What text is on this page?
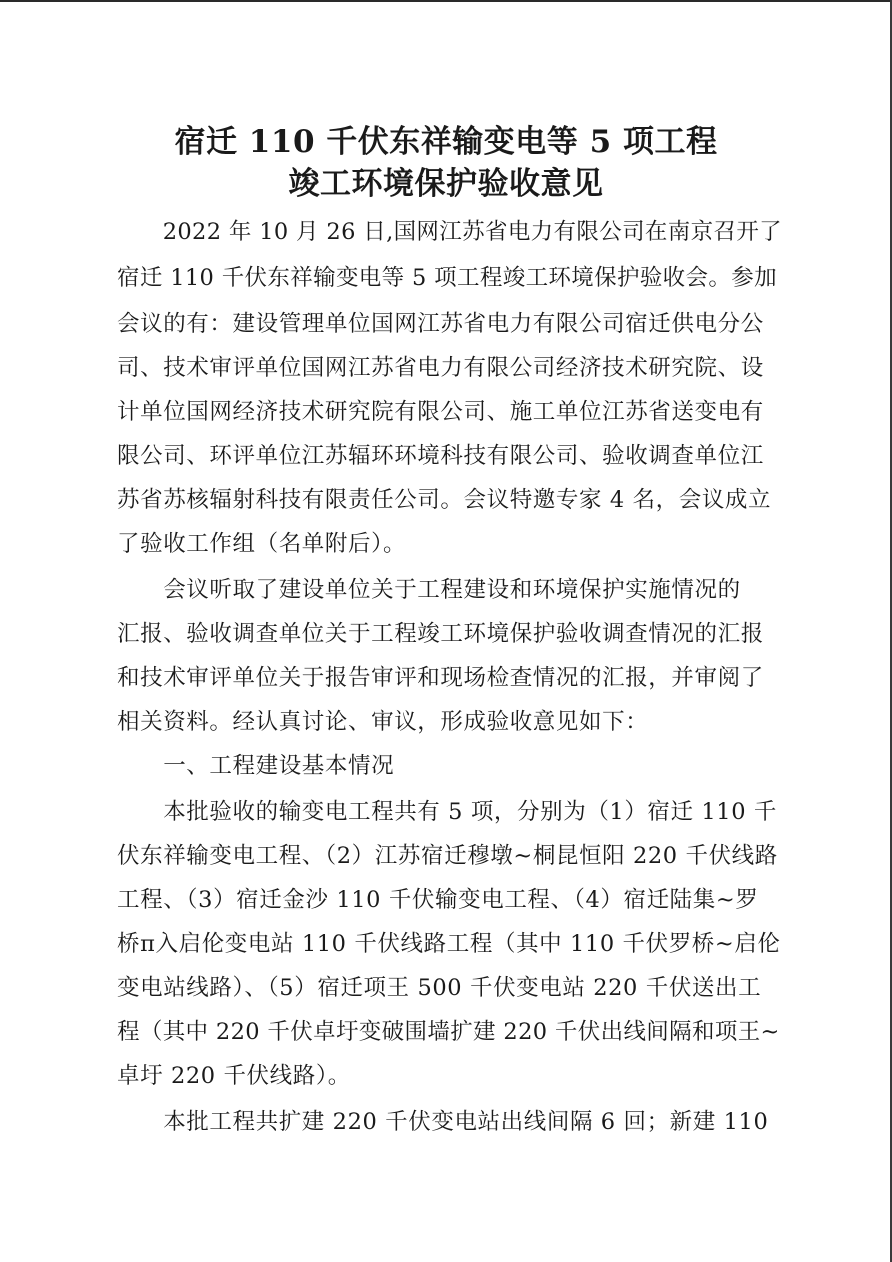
宿迁 110 千伏东祥输变电等 5 项工程
竣工环境保护验收意见

　　2022 年 10 月 26 日,国网江苏省电力有限公司在南京召开了

宿迁 110 千伏东祥输变电等 5 项工程竣工环境保护验收会。参加

会议的有：建设管理单位国网江苏省电力有限公司宿迁供电分公

司、技术审评单位国网江苏省电力有限公司经济技术研究院、设

计单位国网经济技术研究院有限公司、施工单位江苏省送变电有

限公司、环评单位江苏辐环环境科技有限公司、验收调查单位江

苏省苏核辐射科技有限责任公司。会议特邀专家 4 名，会议成立

了验收工作组（名单附后）。

　　会议听取了建设单位关于工程建设和环境保护实施情况的

汇报、验收调查单位关于工程竣工环境保护验收调查情况的汇报

和技术审评单位关于报告审评和现场检查情况的汇报，并审阅了

相关资料。经认真讨论、审议，形成验收意见如下：

　　一、工程建设基本情况

　　本批验收的输变电工程共有 5 项，分别为（1）宿迁 110 千

伏东祥输变电工程、（2）江苏宿迁穆墩~桐昆恒阳 220 千伏线路

工程、（3）宿迁金沙 110 千伏输变电工程、（4）宿迁陆集~罗

桥π入启伦变电站 110 千伏线路工程（其中 110 千伏罗桥~启伦

变电站线路）、（5）宿迁项王 500 千伏变电站 220 千伏送出工

程（其中 220 千伏卓圩变破围墙扩建 220 千伏出线间隔和项王~

卓圩 220 千伏线路）。

　　本批工程共扩建 220 千伏变电站出线间隔 6 回；新建 110
